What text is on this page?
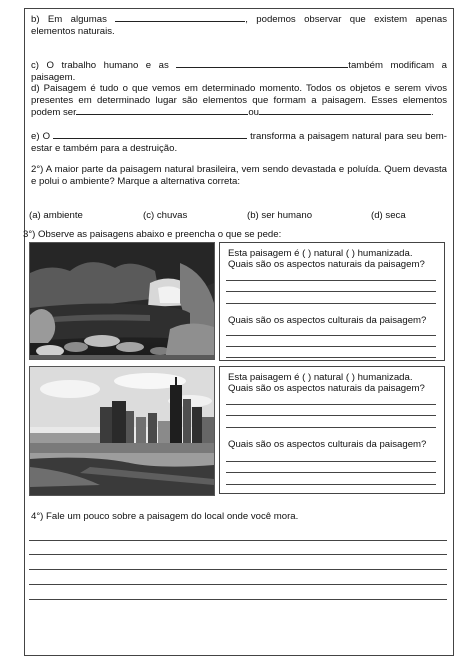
b) Em algumas	, podemos observar que existem apenas elementos naturais.
c) O trabalho humano e as	também modificam a paisagem.
d) Paisagem é tudo o que vemos em determinado momento. Todos os objetos e serem vivos presentes em determinado lugar são elementos que formam a paisagem. Esses elementos podem ser	ou	.
e) O	transforma a paisagem natural para seu bem-estar e também para a destruição.
2°) A maior parte da paisagem natural brasileira, vem sendo devastada e poluída. Quem devasta e polui o ambiente? Marque a alternativa correta:
(a) ambiente	(c) chuvas	(b) ser humano	(d) seca
3°) Observe as paisagens abaixo e preencha o que se pede:
Esta paisagem é ( ) natural ( ) humanizada.
Quais são os aspectos naturais da paisagem?
Quais são os aspectos culturais da paisagem?
Esta paisagem é ( ) natural ( ) humanizada.
Quais são os aspectos naturais da paisagem?
Quais são os aspectos culturais da paisagem?
4°) Fale um pouco sobre a paisagem do local onde você mora.
